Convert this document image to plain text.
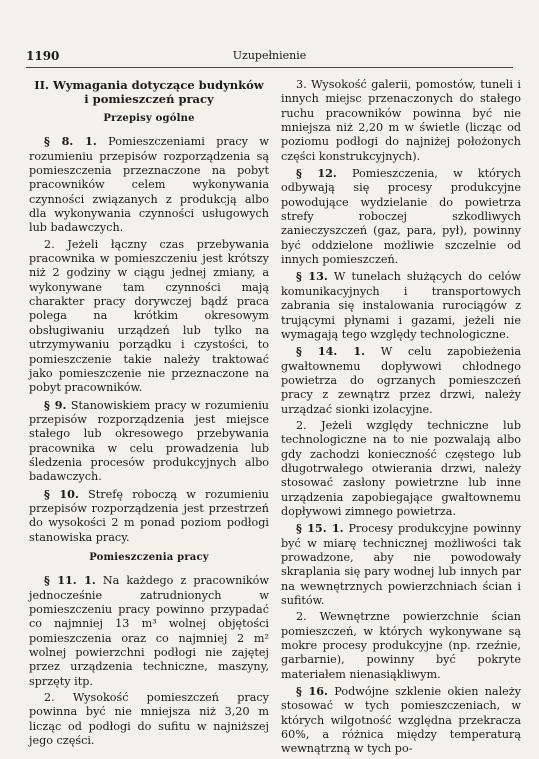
1190	Uzupełnienie
II. Wymagania dotyczące budynków
i pomieszczeń pracy
Przepisy ogólne

§ 8. 1. Pomieszczeniami pracy w rozumieniu przepisów rozporządzenia są pomieszczenia przeznaczone na pobyt pracowników celem wykonywania czynności związanych z produkcją albo dla wykonywania czynności usługowych lub badawczych.

2. Jeżeli łączny czas przebywania pracownika w pomieszczeniu jest krótszy niż 2 godziny w ciągu jednej zmiany, a wykonywane tam czynności mają charakter pracy dorywczej bądź praca polega na krótkim okresowym obsługiwaniu urządzeń lub tylko na utrzymywaniu porządku i czystości, to pomieszczenie takie należy traktować jako pomieszczenie nie przeznaczone na pobyt pracowników.

§ 9. Stanowiskiem pracy w rozumieniu przepisów rozporządzenia jest miejsce stałego lub okresowego przebywania pracownika w celu prowadzenia lub śledzenia procesów produkcyjnych albo badawczych.

§ 10. Strefę roboczą w rozumieniu przepisów rozporządzenia jest przestrzeń do wysokości 2 m ponad poziom podłogi stanowiska pracy.

Pomieszczenia pracy

§ 11. 1. Na każdego z pracowników jednocześnie zatrudnionych w pomieszczeniu pracy powinno przypadać co najmniej 13 m³ wolnej objętości pomieszczenia oraz co najmniej 2 m² wolnej powierzchni podłogi nie zajętej przez urządzenia techniczne, maszyny, sprzęty itp.

2. Wysokość pomieszczeń pracy powinna być nie mniejsza niż 3,20 m licząc od podłogi do sufitu w najniższej jego części.

3. Wysokość galerii, pomostów, tuneli i innych miejsc przenaczonych do stałego ruchu pracowników powinna być nie mniejsza niż 2,20 m w świetle (licząc od poziomu podłogi do najniżej położonych części konstrukcyjnych).

§ 12. Pomieszczenia, w których odbywają się procesy produkcyjne powodujące wydzielanie do powietrza strefy roboczej szkodliwych zanieczyszczeń (gaz, para, pył), powinny być oddzielone możliwie szczelnie od innych pomieszczeń.

§ 13. W tunelach służących do celów komunikacyjnych i transportowych zabrania się instalowania rurociągów z trującymi płynami i gazami, jeżeli nie wymagają tego względy technologiczne.

§ 14. 1. W celu zapobieżenia gwałtownemu dopływowi chłodnego powietrza do ogrzanych pomieszczeń pracy z zewnątrz przez drzwi, należy urządzać sionki izolacyjne.

2. Jeżeli względy techniczne lub technologiczne na to nie pozwalają albo gdy zachodzi konieczność częstego lub długotrwałego otwierania drzwi, należy stosować zasłony powietrzne lub inne urządzenia zapobiegające gwałtownemu dopływowi zimnego powietrza.

§ 15. 1. Procesy produkcyjne powinny być w miarę technicznej możliwości tak prowadzone, aby nie powodowały skraplania się pary wodnej lub innych par na wewnętrznych powierzchniach ścian i sufitów.

2. Wewnętrzne powierzchnie ścian pomieszczeń, w których wykonywane są mokre procesy produkcyjne (np. rzeźnie, garbarnie), powinny być pokryte materiałem nienasiąkliwym.

§ 16. Podwójne szklenie okien należy stosować w tych pomieszczeniach, w których wilgotność względna przekracza 60%, a różnica między temperaturą wewnątrzną w tych po-
